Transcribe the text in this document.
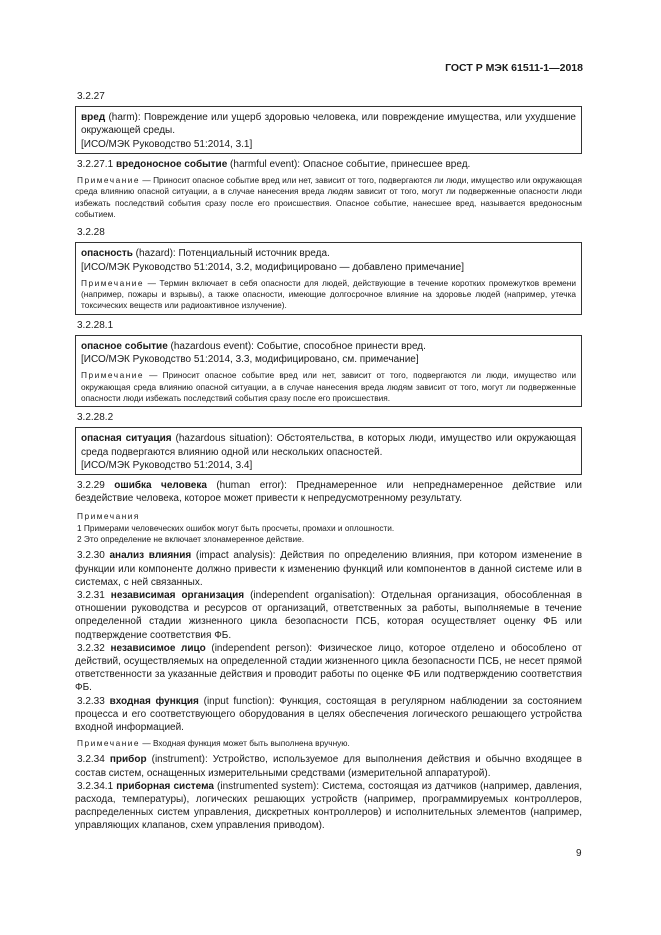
ГОСТ Р МЭК 61511-1—2018
3.2.27

вред (harm): Повреждение или ущерб здоровью человека, или повреждение имущества, или ухудшение окружающей среды.

[ИСО/МЭК Руководство 51:2014, 3.1]

3.2.27.1 вредоносное событие (harmful event): Опасное событие, принесшее вред.

Примечание — Приносит опасное событие вред или нет, зависит от того, подвергаются ли люди, имущество или окружающая среда влиянию опасной ситуации, а в случае нанесения вреда людям зависит от того, могут ли подверженные опасности люди избежать последствий события сразу после его происшествия. Опасное событие, нанесшее вред, называется вредоносным событием.

3.2.28

опасность (hazard): Потенциальный источник вреда.

[ИСО/МЭК Руководство 51:2014, 3.2, модифицировано — добавлено примечание]

Примечание — Термин включает в себя опасности для людей, действующие в течение коротких промежутков времени (например, пожары и взрывы), а также опасности, имеющие долгосрочное влияние на здоровье людей (например, утечка токсических веществ или радиоактивное излучение).

3.2.28.1

опасное событие (hazardous event): Событие, способное принести вред.

[ИСО/МЭК Руководство 51:2014, 3.3, модифицировано, см. примечание]

Примечание — Приносит опасное событие вред или нет, зависит от того, подвергаются ли люди, имущество или окружающая среда влиянию опасной ситуации, а в случае нанесения вреда людям зависит от того, могут ли подверженные опасности люди избежать последствий события сразу после его происшествия.

3.2.28.2

опасная ситуация (hazardous situation): Обстоятельства, в которых люди, имущество или окружающая среда подвергаются влиянию одной или нескольких опасностей.

[ИСО/МЭК Руководство 51:2014, 3.4]

3.2.29 ошибка человека (human error): Преднамеренное или непреднамеренное действие или бездействие человека, которое может привести к непредусмотренному результату.

Примечания

1 Примерами человеческих ошибок могут быть просчеты, промахи и оплошности.

2 Это определение не включает злонамеренное действие.

3.2.30 анализ влияния (impact analysis): Действия по определению влияния, при котором изменение в функции или компоненте должно привести к изменению функций или компонентов в данной системе или в системах, с ней связанных.

3.2.31 независимая организация (independent organisation): Отдельная организация, обособленная в отношении руководства и ресурсов от организаций, ответственных за работы, выполняемые в течение определенной стадии жизненного цикла безопасности ПСБ, которая осуществляет оценку ФБ или подтверждение соответствия ФБ.

3.2.32 независимое лицо (independent person): Физическое лицо, которое отделено и обособлено от действий, осуществляемых на определенной стадии жизненного цикла безопасности ПСБ, не несет прямой ответственности за указанные действия и проводит работы по оценке ФБ или подтверждению соответствия ФБ.

3.2.33 входная функция (input function): Функция, состоящая в регулярном наблюдении за состоянием процесса и его соответствующего оборудования в целях обеспечения логического решающего устройства входной информацией.

Примечание — Входная функция может быть выполнена вручную.

3.2.34 прибор (instrument): Устройство, используемое для выполнения действия и обычно входящее в состав систем, оснащенных измерительными средствами (измерительной аппаратурой).

3.2.34.1 приборная система (instrumented system): Система, состоящая из датчиков (например, давления, расхода, температуры), логических решающих устройств (например, программируемых контроллеров, распределенных систем управления, дискретных контроллеров) и исполнительных элементов (например, управляющих клапанов, схем управления приводом).

9
